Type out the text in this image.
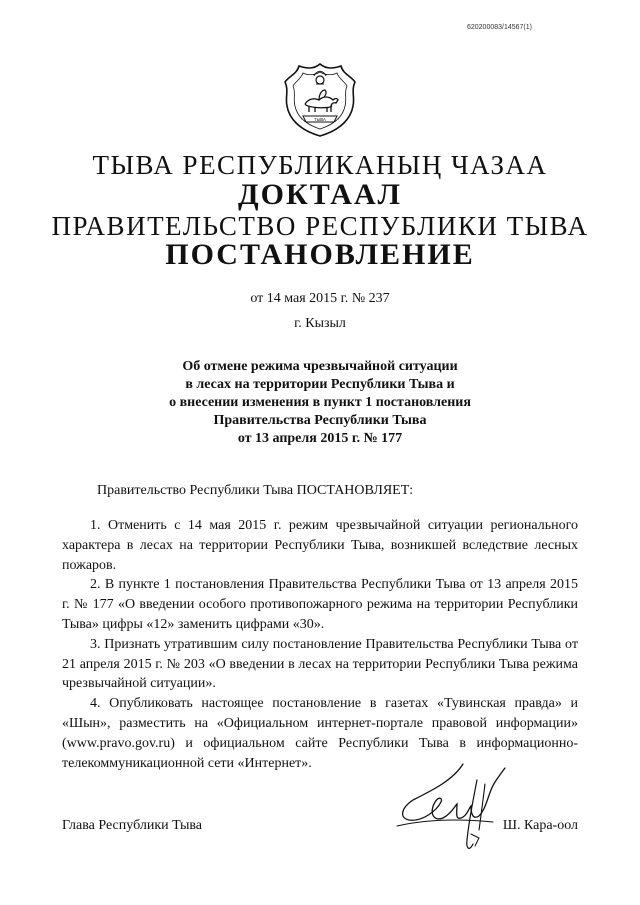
620200083/14567(1)
ТЫВА
ТЫВА РЕСПУБЛИКАНЫҢ ЧАЗАА
ДОКТААЛ
ПРАВИТЕЛЬСТВО РЕСПУБЛИКИ ТЫВА
ПОСТАНОВЛЕНИЕ
от 14 мая 2015 г. № 237
г. Кызыл
Об отмене режима чрезвычайной ситуации
в лесах на территории Республики Тыва и
о внесении изменения в пункт 1 постановления
Правительства Республики Тыва
от 13 апреля 2015 г. № 177
Правительство Республики Тыва ПОСТАНОВЛЯЕТ:

1. Отменить с 14 мая 2015 г. режим чрезвычайной ситуации регионального характера в лесах на территории Республики Тыва, возникшей вследствие лесных пожаров.

2. В пункте 1 постановления Правительства Республики Тыва от 13 апреля 2015 г. № 177 «О введении особого противопожарного режима на территории Республики Тыва» цифры «12» заменить цифрами «30».

3. Признать утратившим силу постановление Правительства Республики Тыва от 21 апреля 2015 г. № 203 «О введении в лесах на территории Республики Тыва режима чрезвычайной ситуации».

4. Опубликовать настоящее постановление в газетах «Тувинская правда» и «Шын», разместить на «Официальном интернет-портале правовой информации» (www.pravo.gov.ru) и официальном сайте Республики Тыва в информационно-телекоммуникационной сети «Интернет».

Глава Республики Тыва	Ш. Кара-оол
